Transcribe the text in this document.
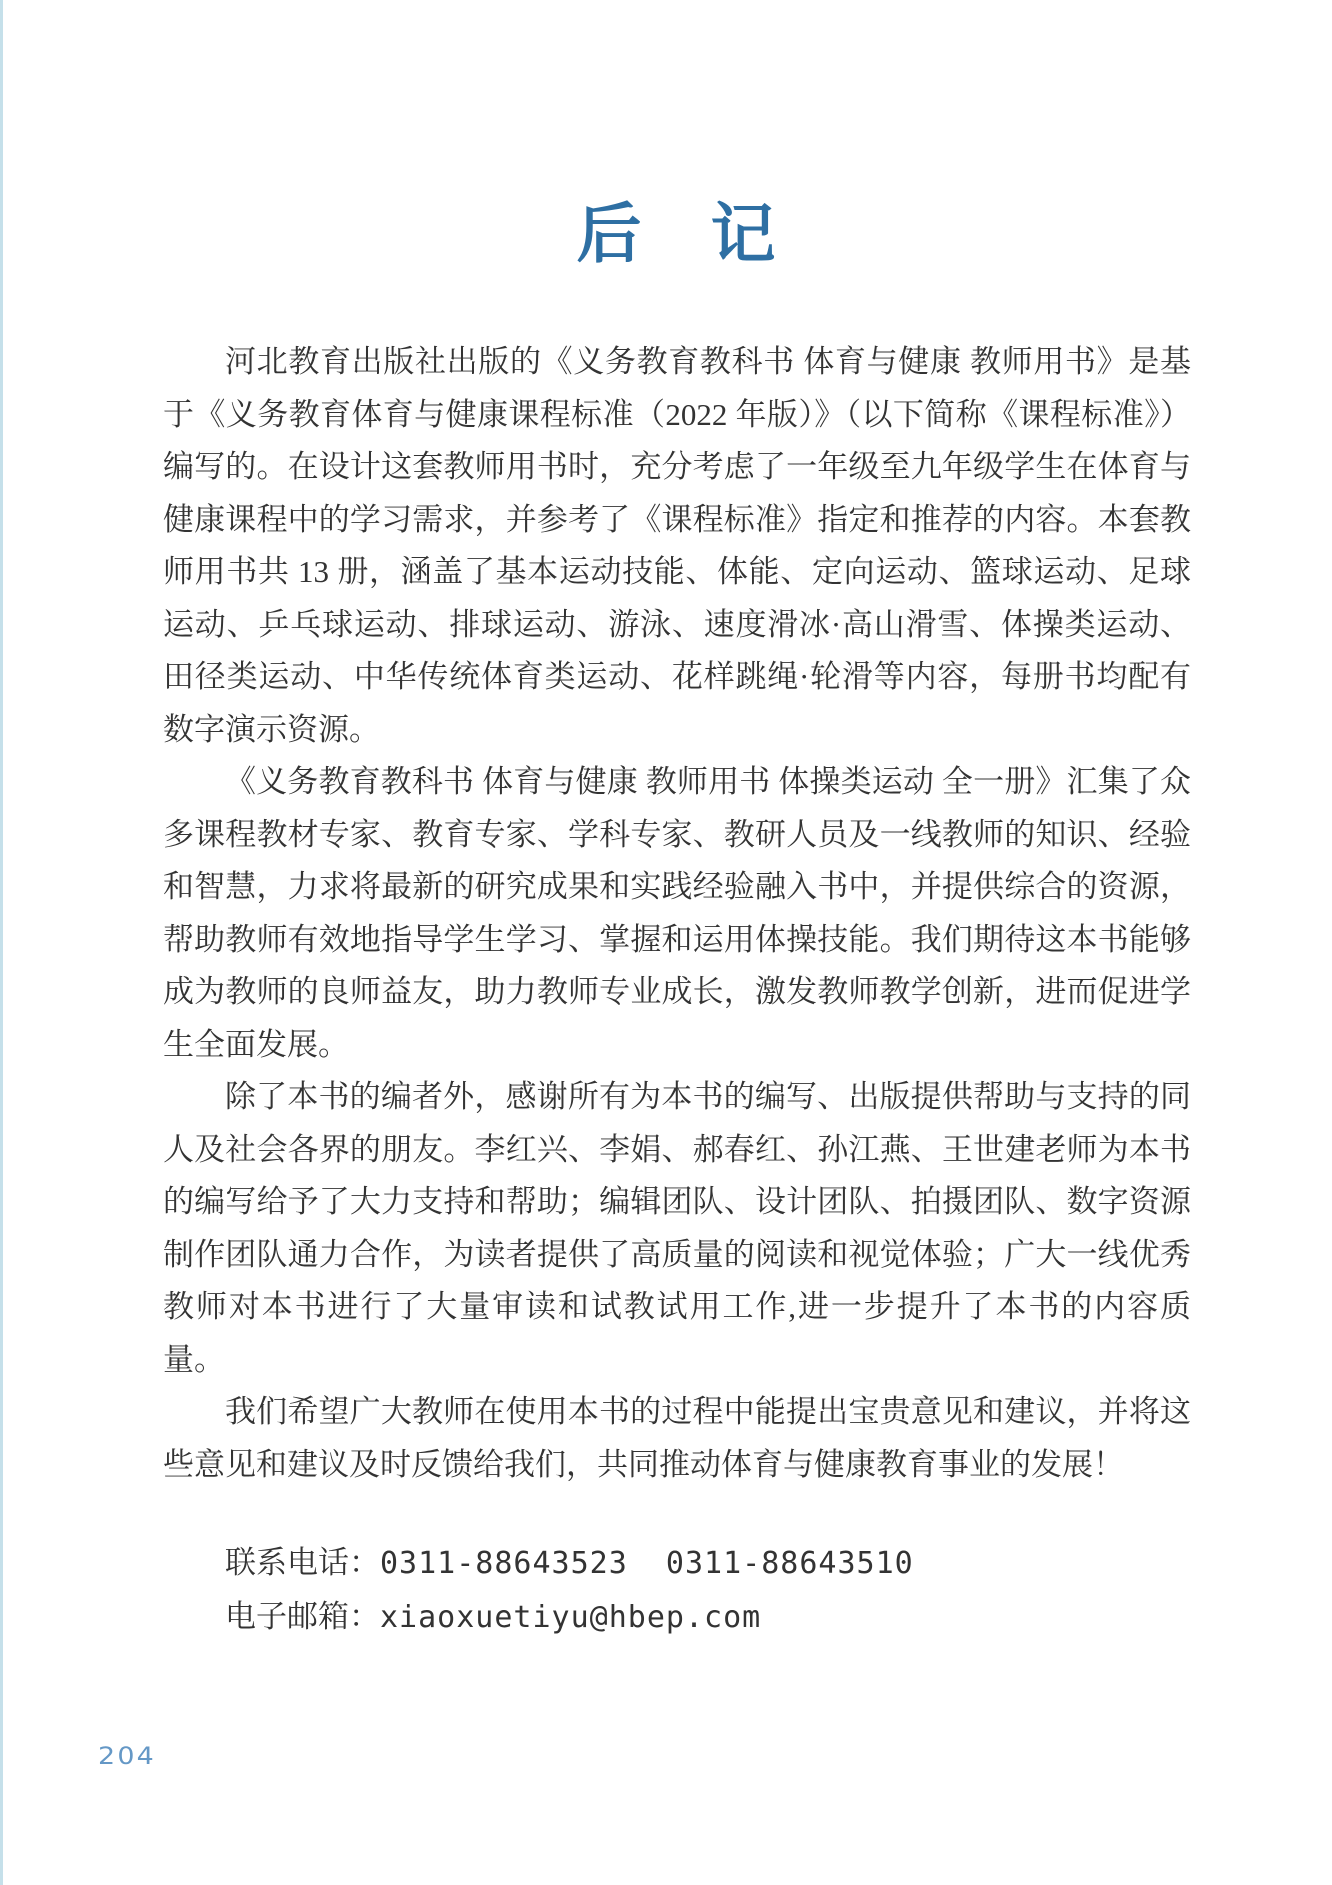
后　记

河北教育出版社出版的《义务教育教科书 体育与健康 教师用书》是基于《义务教育体育与健康课程标准（2022 年版）》（以下简称《课程标准》）编写的。在设计这套教师用书时，充分考虑了一年级至九年级学生在体育与健康课程中的学习需求，并参考了《课程标准》指定和推荐的内容。本套教师用书共 13 册，涵盖了基本运动技能、体能、定向运动、篮球运动、足球运动、乒乓球运动、排球运动、游泳、速度滑冰·高山滑雪、体操类运动、田径类运动、中华传统体育类运动、花样跳绳·轮滑等内容，每册书均配有数字演示资源。

《义务教育教科书 体育与健康 教师用书 体操类运动 全一册》汇集了众多课程教材专家、教育专家、学科专家、教研人员及一线教师的知识、经验和智慧，力求将最新的研究成果和实践经验融入书中，并提供综合的资源，帮助教师有效地指导学生学习、掌握和运用体操技能。我们期待这本书能够成为教师的良师益友，助力教师专业成长，激发教师教学创新，进而促进学生全面发展。

除了本书的编者外，感谢所有为本书的编写、出版提供帮助与支持的同人及社会各界的朋友。李红兴、李娟、郝春红、孙江燕、王世建老师为本书的编写给予了大力支持和帮助；编辑团队、设计团队、拍摄团队、数字资源制作团队通力合作，为读者提供了高质量的阅读和视觉体验；广大一线优秀教师对本书进行了大量审读和试教试用工作,进一步提升了本书的内容质量。

我们希望广大教师在使用本书的过程中能提出宝贵意见和建议，并将这些意见和建议及时反馈给我们，共同推动体育与健康教育事业的发展！

联系电话：0311-88643523  0311-88643510

电子邮箱：xiaoxuetiyu@hbep.com

204
